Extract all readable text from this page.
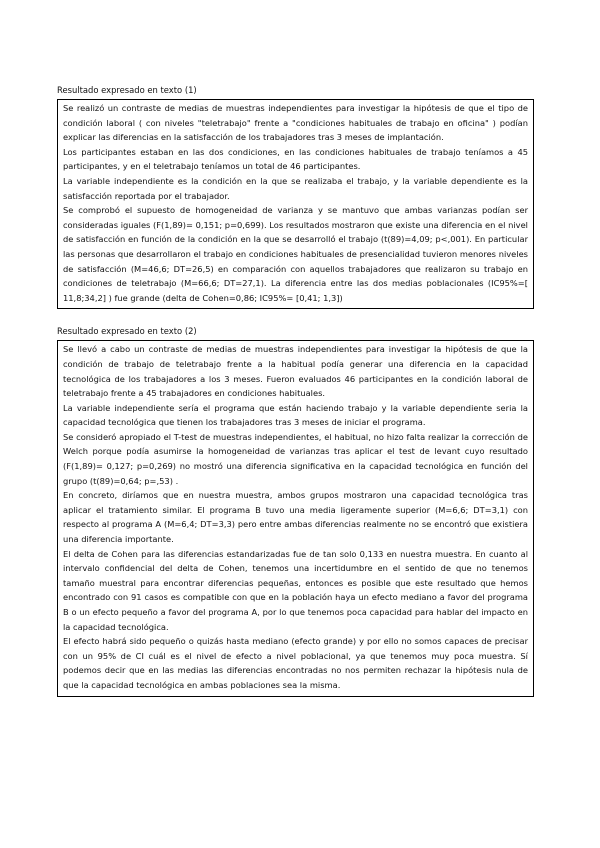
Resultado expresado en texto (1)

Se realizó un contraste de medias de muestras independientes para investigar la hipótesis de que el tipo de condición laboral ( con niveles "teletrabajo" frente a "condiciones habituales de trabajo en oficina" ) podían explicar las diferencias en la satisfacción de los trabajadores tras 3 meses de implantación.

Los participantes estaban en las dos condiciones, en las condiciones habituales de trabajo teníamos a 45 participantes, y en el teletrabajo teníamos un total de 46 participantes.

La variable independiente es la condición en la que se realizaba el trabajo, y la variable dependiente es la satisfacción reportada por el trabajador.

Se comprobó el supuesto de homogeneidad de varianza y se mantuvo que ambas varianzas podían ser consideradas iguales (F(1,89)= 0,151; p=0,699). Los resultados mostraron que existe una diferencia en el nivel de satisfacción en función de la condición en la que se desarrolló el trabajo (t(89)=4,09; p<,001). En particular las personas que desarrollaron el trabajo en condiciones habituales de presencialidad tuvieron menores niveles de satisfacción (M=46,6; DT=26,5) en comparación con aquellos trabajadores que realizaron su trabajo en condiciones de teletrabajo (M=66,6; DT=27,1). La diferencia entre las dos medias poblacionales (IC95%=[ 11,8;34,2] ) fue grande (delta de Cohen=0,86; IC95%= [0,41; 1,3])

Resultado expresado en texto (2)

Se llevó a cabo un contraste de medias de muestras independientes para investigar la hipótesis de que la condición de trabajo de teletrabajo frente a la habitual podía generar una diferencia en la capacidad tecnológica de los trabajadores a los 3 meses. Fueron evaluados 46 participantes en la condición laboral de teletrabajo frente a 45 trabajadores en condiciones habituales.

La variable independiente sería el programa que están haciendo trabajo y la variable dependiente seria la capacidad tecnológica que tienen los trabajadores tras 3 meses de iniciar el programa.

Se consideró apropiado el T-test de muestras independientes, el habitual, no hizo falta realizar la corrección de Welch porque podía asumirse la homogeneidad de varianzas tras aplicar el test de levant cuyo resultado (F(1,89)= 0,127; p=0,269) no mostró una diferencia significativa en la capacidad tecnológica en función del grupo (t(89)=0,64; p=,53) .

En concreto, diríamos que en nuestra muestra, ambos grupos mostraron una capacidad tecnológica tras aplicar el tratamiento similar. El programa B tuvo una media ligeramente superior (M=6,6; DT=3,1) con respecto al programa A (M=6,4; DT=3,3) pero entre ambas diferencias realmente no se encontró que existiera una diferencia importante.

El delta de Cohen para las diferencias estandarizadas fue de tan solo 0,133 en nuestra muestra. En cuanto al intervalo confidencial del delta de Cohen, tenemos una incertidumbre en el sentido de que no tenemos tamaño muestral para encontrar diferencias pequeñas, entonces es posible que este resultado que hemos encontrado con 91 casos es compatible con que en la población haya un efecto mediano a favor del programa B o un efecto pequeño a favor del programa A, por lo que tenemos poca capacidad para hablar del impacto en la capacidad tecnológica.

El efecto habrá sido pequeño o quizás hasta mediano (efecto grande) y por ello no somos capaces de precisar con un 95% de CI cuál es el nivel de efecto a nivel poblacional, ya que tenemos muy poca muestra. Sí podemos decir que en las medias las diferencias encontradas no nos permiten rechazar la hipótesis nula de que la capacidad tecnológica en ambas poblaciones sea la misma.
